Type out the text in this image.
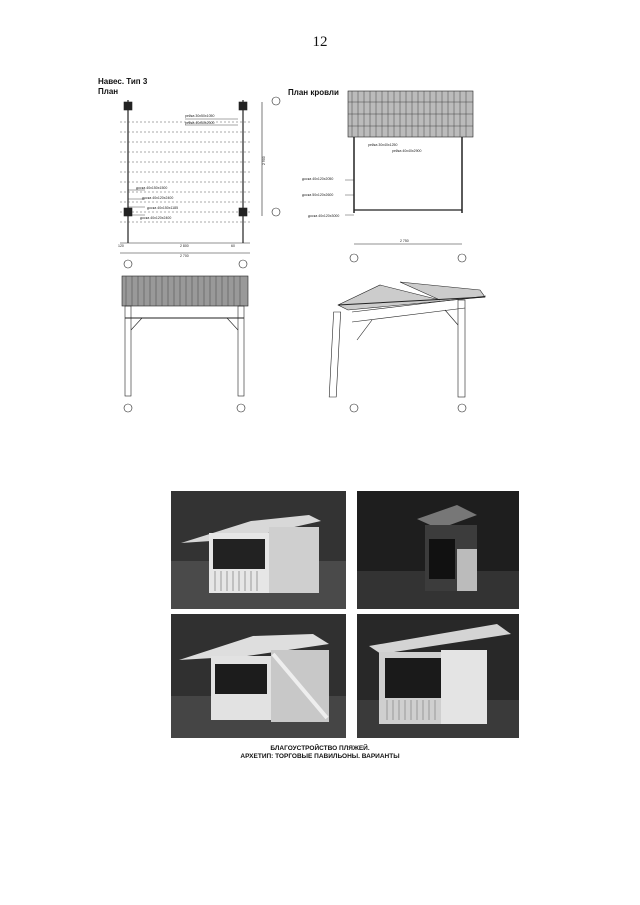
12
Навес. Тип 3
План	План кровли
рейка 30х50х1050
рейка 40х50х2000
доска 40х150х1500
доска 40х120х2400
доска 40х150х1185
доска 40х120х2400
2 800
2 700
120	60
2 900
рейка 30х40х1250
рейка 40х40х2900
доска 40х120х2050
доска 50х120х2600
доска 40х120х3000
2 750
БЛАГОУСТРОЙСТВО ПЛЯЖЕЙ.
АРХЕТИП: ТОРГОВЫЕ ПАВИЛЬОНЫ. ВАРИАНТЫ
